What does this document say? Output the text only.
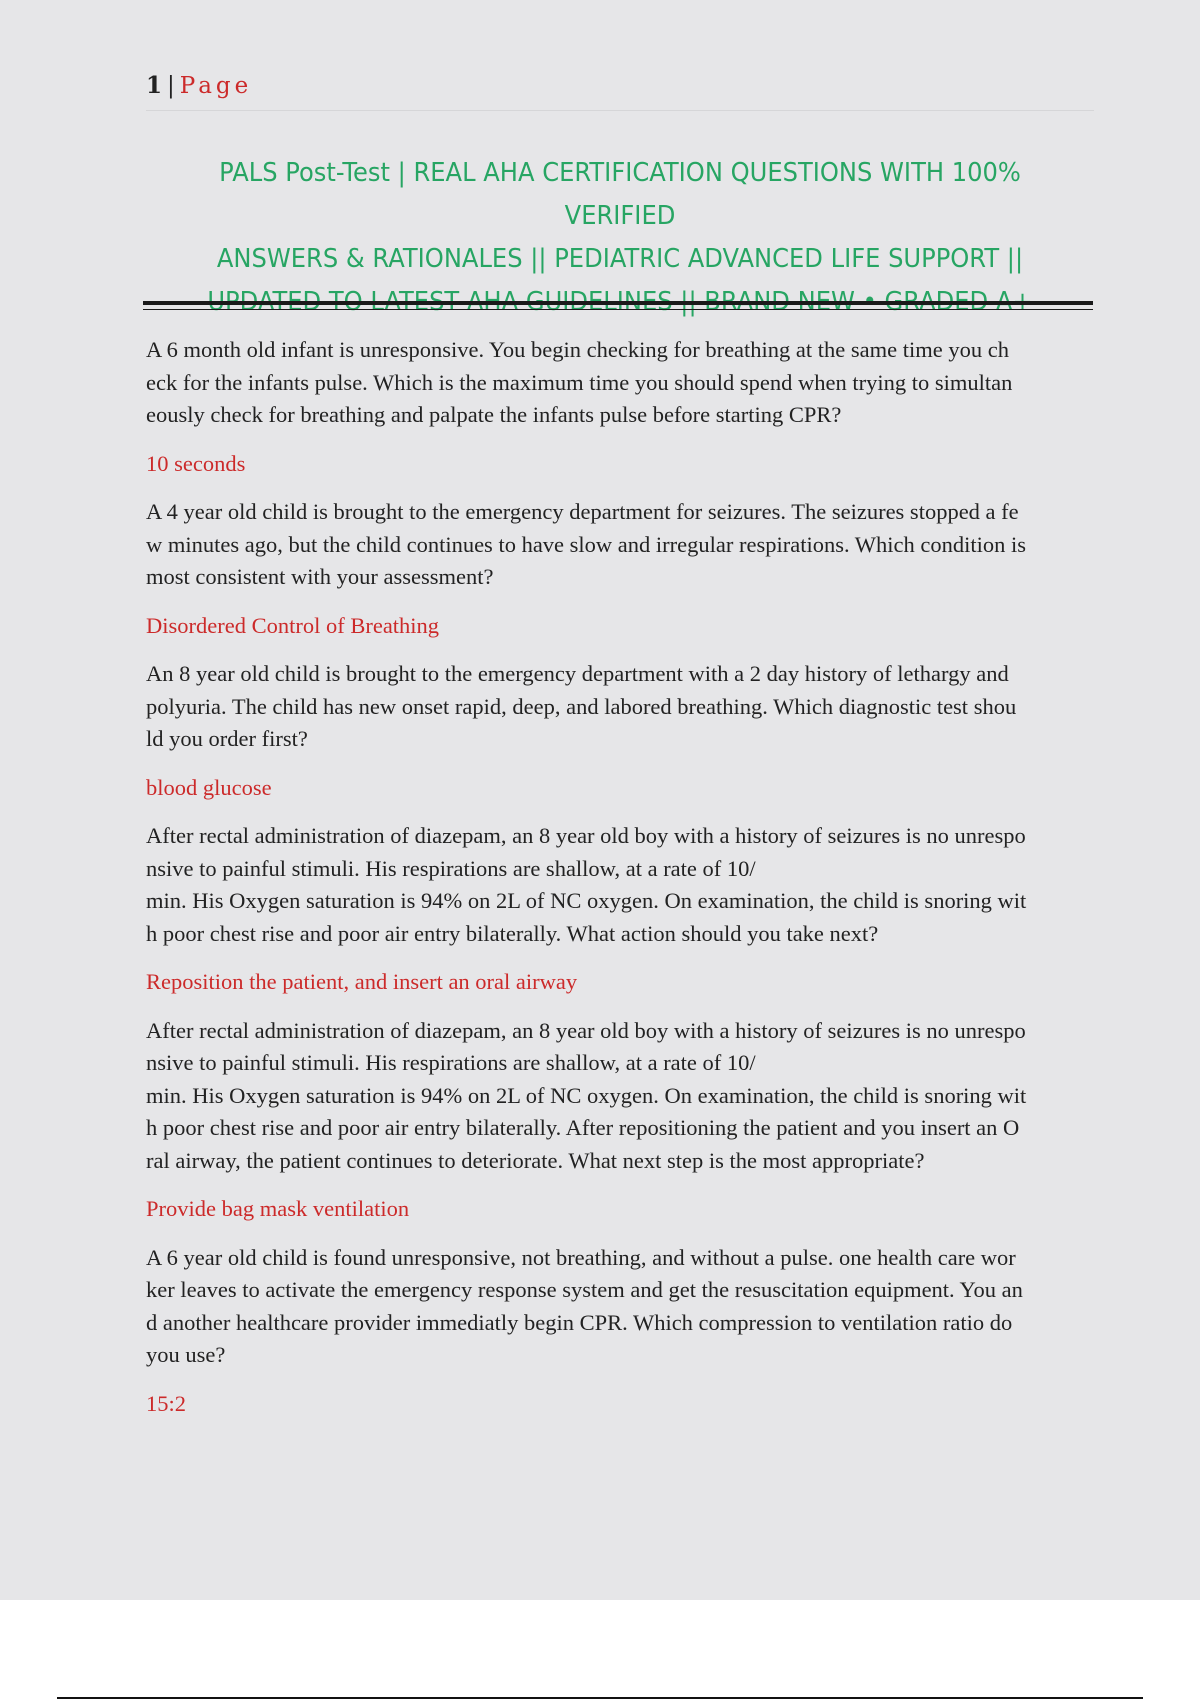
1 | Page
PALS Post-Test | REAL AHA CERTIFICATION QUESTIONS WITH 100% VERIFIED
ANSWERS & RATIONALES || PEDIATRIC ADVANCED LIFE SUPPORT ||
UPDATED TO LATEST AHA GUIDELINES || BRAND NEW • GRADED A+
A 6 month old infant is unresponsive. You begin checking for breathing at the same time you ch
eck for the infants pulse. Which is the maximum time you should spend when trying to simultan
eously check for breathing and palpate the infants pulse before starting CPR?
10 seconds
A 4 year old child is brought to the emergency department for seizures. The seizures stopped a fe
w minutes ago, but the child continues to have slow and irregular respirations. Which condition is
most consistent with your assessment?
Disordered Control of Breathing
An 8 year old child is brought to the emergency department with a 2 day history of lethargy and
polyuria. The child has new onset rapid, deep, and labored breathing. Which diagnostic test shou
ld you order first?
blood glucose
After rectal administration of diazepam, an 8 year old boy with a history of seizures is no unrespo
nsive to painful stimuli. His respirations are shallow, at a rate of 10/
min. His Oxygen saturation is 94% on 2L of NC oxygen. On examination, the child is snoring wit
h poor chest rise and poor air entry bilaterally. What action should you take next?
Reposition the patient, and insert an oral airway
After rectal administration of diazepam, an 8 year old boy with a history of seizures is no unrespo
nsive to painful stimuli. His respirations are shallow, at a rate of 10/
min. His Oxygen saturation is 94% on 2L of NC oxygen. On examination, the child is snoring wit
h poor chest rise and poor air entry bilaterally. After repositioning the patient and you insert an O
ral airway, the patient continues to deteriorate. What next step is the most appropriate?
Provide bag mask ventilation
A 6 year old child is found unresponsive, not breathing, and without a pulse. one health care wor
ker leaves to activate the emergency response system and get the resuscitation equipment. You an
d another healthcare provider immediatly begin CPR. Which compression to ventilation ratio do
you use?
15:2
